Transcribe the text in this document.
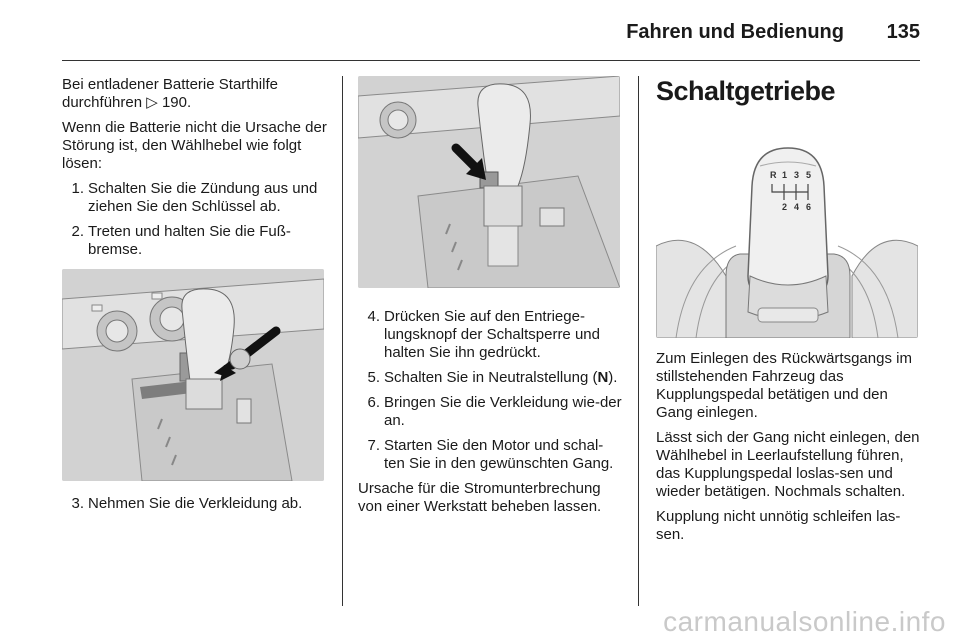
Fahren und Bedienung	135

Bei entladener Batterie Starthilfe durchführen ▷ 190.

Wenn die Batterie nicht die Ursache der Störung ist, den Wählhebel wie folgt lösen:

1. Schalten Sie die Zündung aus und ziehen Sie den Schlüssel ab.
2. Treten und halten Sie die Fuß-bremse.
3. Nehmen Sie die Verkleidung ab.
4. Drücken Sie auf den Entriege-lungsknopf der Schaltsperre und halten Sie ihn gedrückt.
5. Schalten Sie in Neutralstellung (N).
6. Bringen Sie die Verkleidung wie-der an.
7. Starten Sie den Motor und schal-ten Sie in den gewünschten Gang.

Ursache für die Stromunterbrechung von einer Werkstatt beheben lassen.

Schaltgetriebe
R 1 3 5
2 4 6

Zum Einlegen des Rückwärtsgangs im stillstehenden Fahrzeug das Kupplungspedal betätigen und den Gang einlegen.

Lässt sich der Gang nicht einlegen, den Wählhebel in Leerlaufstellung führen, das Kupplungspedal loslas-sen und wieder betätigen. Nochmals schalten.

Kupplung nicht unnötig schleifen las-sen.

carmanualsonline.info
